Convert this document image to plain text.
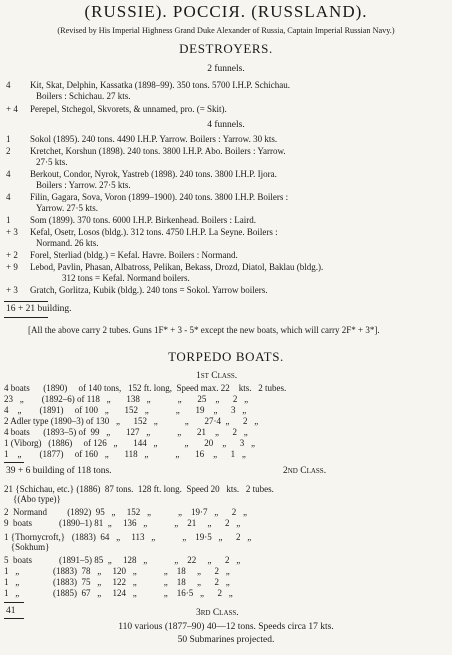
(RUSSIE). РОССIЯ. (RUSSLAND).
(Revised by His Imperial Highness Grand Duke Alexander of Russia, Captain Imperial Russian Navy.)
DESTROYERS.
2 funnels.
4	Kit, Skat, Delphin, Kassatka (1898–99). 350 tons. 5700 I.H.P. Schichau.
Boilers : Schichau. 27 kts.
+ 4	Perepel, Stchegol, Skvorets, & unnamed, pro. (= Skit).
4 funnels.
1	Sokol (1895). 240 tons. 4490 I.H.P. Yarrow. Boilers : Yarrow. 30 kts.
2	Kretchet, Korshun (1898). 240 tons. 3800 I.H.P. Abo. Boilers : Yarrow.
27·5 kts.
4	Berkout, Condor, Nyrok, Yastreb (1898). 240 tons. 3800 I.H.P. Ijora.
Boilers : Yarrow. 27·5 kts.
4	Filin, Gagara, Sova, Voron (1899–1900). 240 tons. 3800 I.H.P. Boilers :
Yarrow. 27·5 kts.
1	Som (1899). 370 tons. 6000 I.H.P. Birkenhead. Boilers : Laird.
+ 3	Kefal, Osetr, Losos (bldg.). 312 tons. 4750 I.H.P. La Seyne. Boilers :
Normand. 26 kts.
+ 2	Forel, Sterliad (bldg.) = Kefal. Havre. Boilers : Normand.
+ 9	Lebod, Pavlin, Phasan, Albatross, Pelikan, Bekass, Drozd, Diatol, Baklau (bldg.).
312 tons = Kefal. Normand boilers.
+ 3	Gratch, Gorlitza, Kubik (bldg.). 240 tons = Sokol. Yarrow boilers.
16 + 21 building.
[All the above carry 2 tubes. Guns 1F* + 3 - 5* except the new boats, which will carry 2F* + 3*].
TORPEDO BOATS.
1st Class.
4 boats      (1890)     of 140 tons,   152 ft. long,  Speed max. 22    kts.   2 tubes.
23   „        (1892–6) of 118   „       138   „            „       25    „      2   „
4    „        (1891)     of 100   „       152   „            „       19    „      3   „
2 Adler type (1890–3) of 130   „      152   „            „       27·4  „      2   „
4 boats      (1893–5) of  99   „       127   „            „       21    „      2   „
1 (Viborg)   (1886)     of 126   „       144   „            „       20    „      3   „
1    „        (1877)     of 160   „       118   „            „       16    „      1   „
39 + 6 building of 118 tons.	2nd Class.
21 {Schichau, etc.} (1886)  87 tons.  128 ft. long.  Speed 20   kts.   2 tubes.
{(Abo type)}
2  Normand         (1892)  95   „     152   „            „    19·7   „      2   „
9  boats            (1890–1) 81  „     136   „            „    21     „      2   „
1 {Thornycroft,}   (1883)  64   „     113   „            „    19·5   „      2   „
{Sokhum}
5  boats            (1891–5) 85  „     128   „            „    22     „      2   „
1   „               (1883)  78   „     120   „            „    18     „      2   „
1   „               (1883)  75   „     122   „            „    18     „      2   „
1   „               (1885)  67   „     124   „            „    16·5   „      2   „
41	3rd Class.
110 various (1877–90) 40—12 tons. Speeds circa 17 kts.
50 Submarines projected.
